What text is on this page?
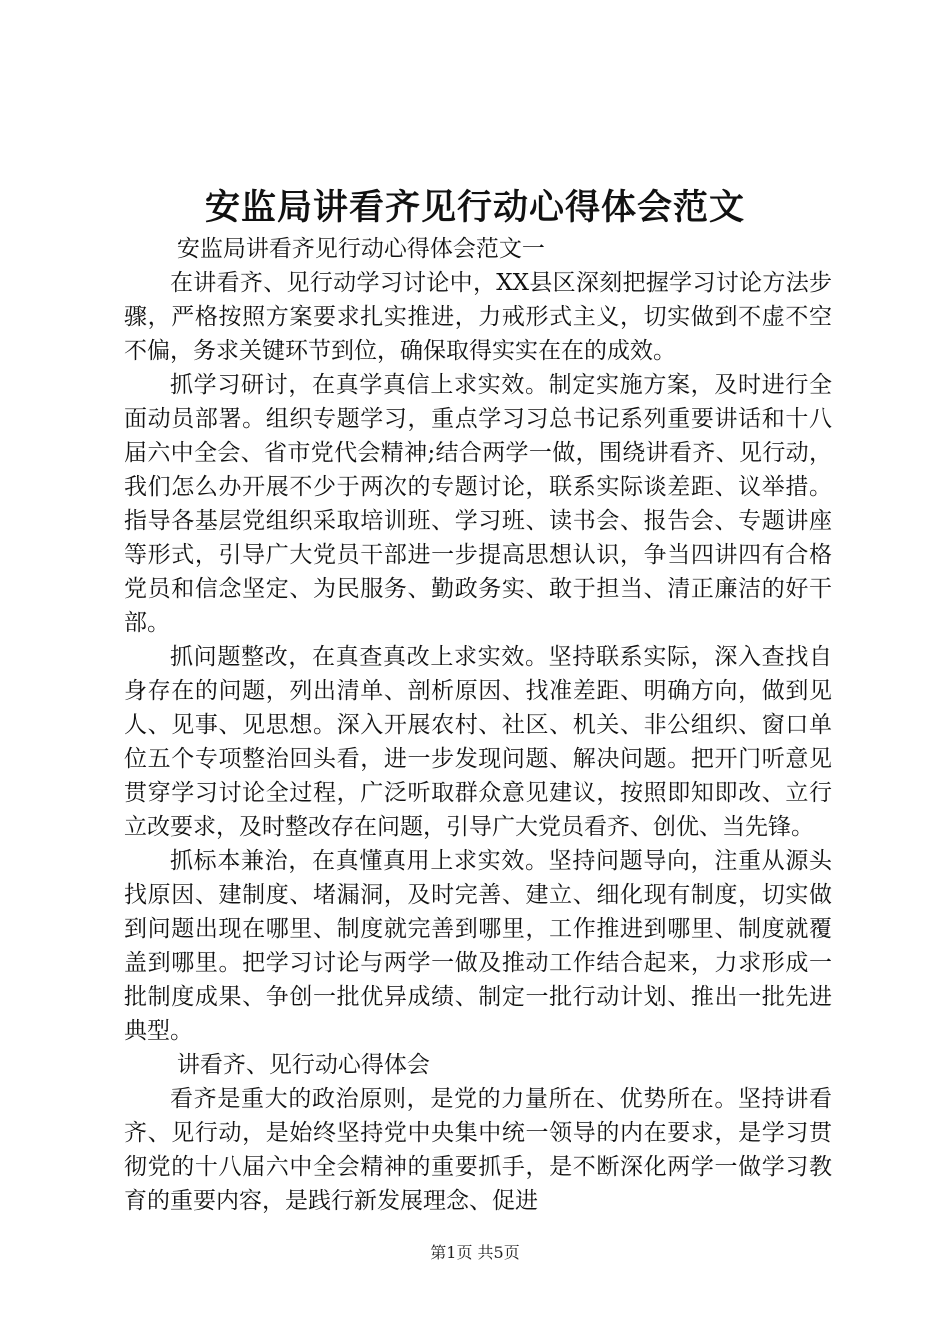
安监局讲看齐见行动心得体会范文

安监局讲看齐见行动心得体会范文一

在讲看齐、见行动学习讨论中，XX县区深刻把握学习讨论方法步骤，严格按照方案要求扎实推进，力戒形式主义，切实做到不虚不空不偏，务求关键环节到位，确保取得实实在在的成效。

抓学习研讨，在真学真信上求实效。制定实施方案，及时进行全面动员部署。组织专题学习，重点学习习总书记系列重要讲话和十八届六中全会、省市党代会精神;结合两学一做，围绕讲看齐、见行动，我们怎么办开展不少于两次的专题讨论，联系实际谈差距、议举措。指导各基层党组织采取培训班、学习班、读书会、报告会、专题讲座等形式，引导广大党员干部进一步提高思想认识，争当四讲四有合格党员和信念坚定、为民服务、勤政务实、敢于担当、清正廉洁的好干部。

抓问题整改，在真查真改上求实效。坚持联系实际，深入查找自身存在的问题，列出清单、剖析原因、找准差距、明确方向，做到见人、见事、见思想。深入开展农村、社区、机关、非公组织、窗口单位五个专项整治回头看，进一步发现问题、解决问题。把开门听意见贯穿学习讨论全过程，广泛听取群众意见建议，按照即知即改、立行立改要求，及时整改存在问题，引导广大党员看齐、创优、当先锋。

抓标本兼治，在真懂真用上求实效。坚持问题导向，注重从源头找原因、建制度、堵漏洞，及时完善、建立、细化现有制度，切实做到问题出现在哪里、制度就完善到哪里，工作推进到哪里、制度就覆盖到哪里。把学习讨论与两学一做及推动工作结合起来，力求形成一批制度成果、争创一批优异成绩、制定一批行动计划、推出一批先进典型。

讲看齐、见行动心得体会

看齐是重大的政治原则，是党的力量所在、优势所在。坚持讲看齐、见行动，是始终坚持党中央集中统一领导的内在要求，是学习贯彻党的十八届六中全会精神的重要抓手，是不断深化两学一做学习教育的重要内容，是践行新发展理念、促进

第1页 共5页
